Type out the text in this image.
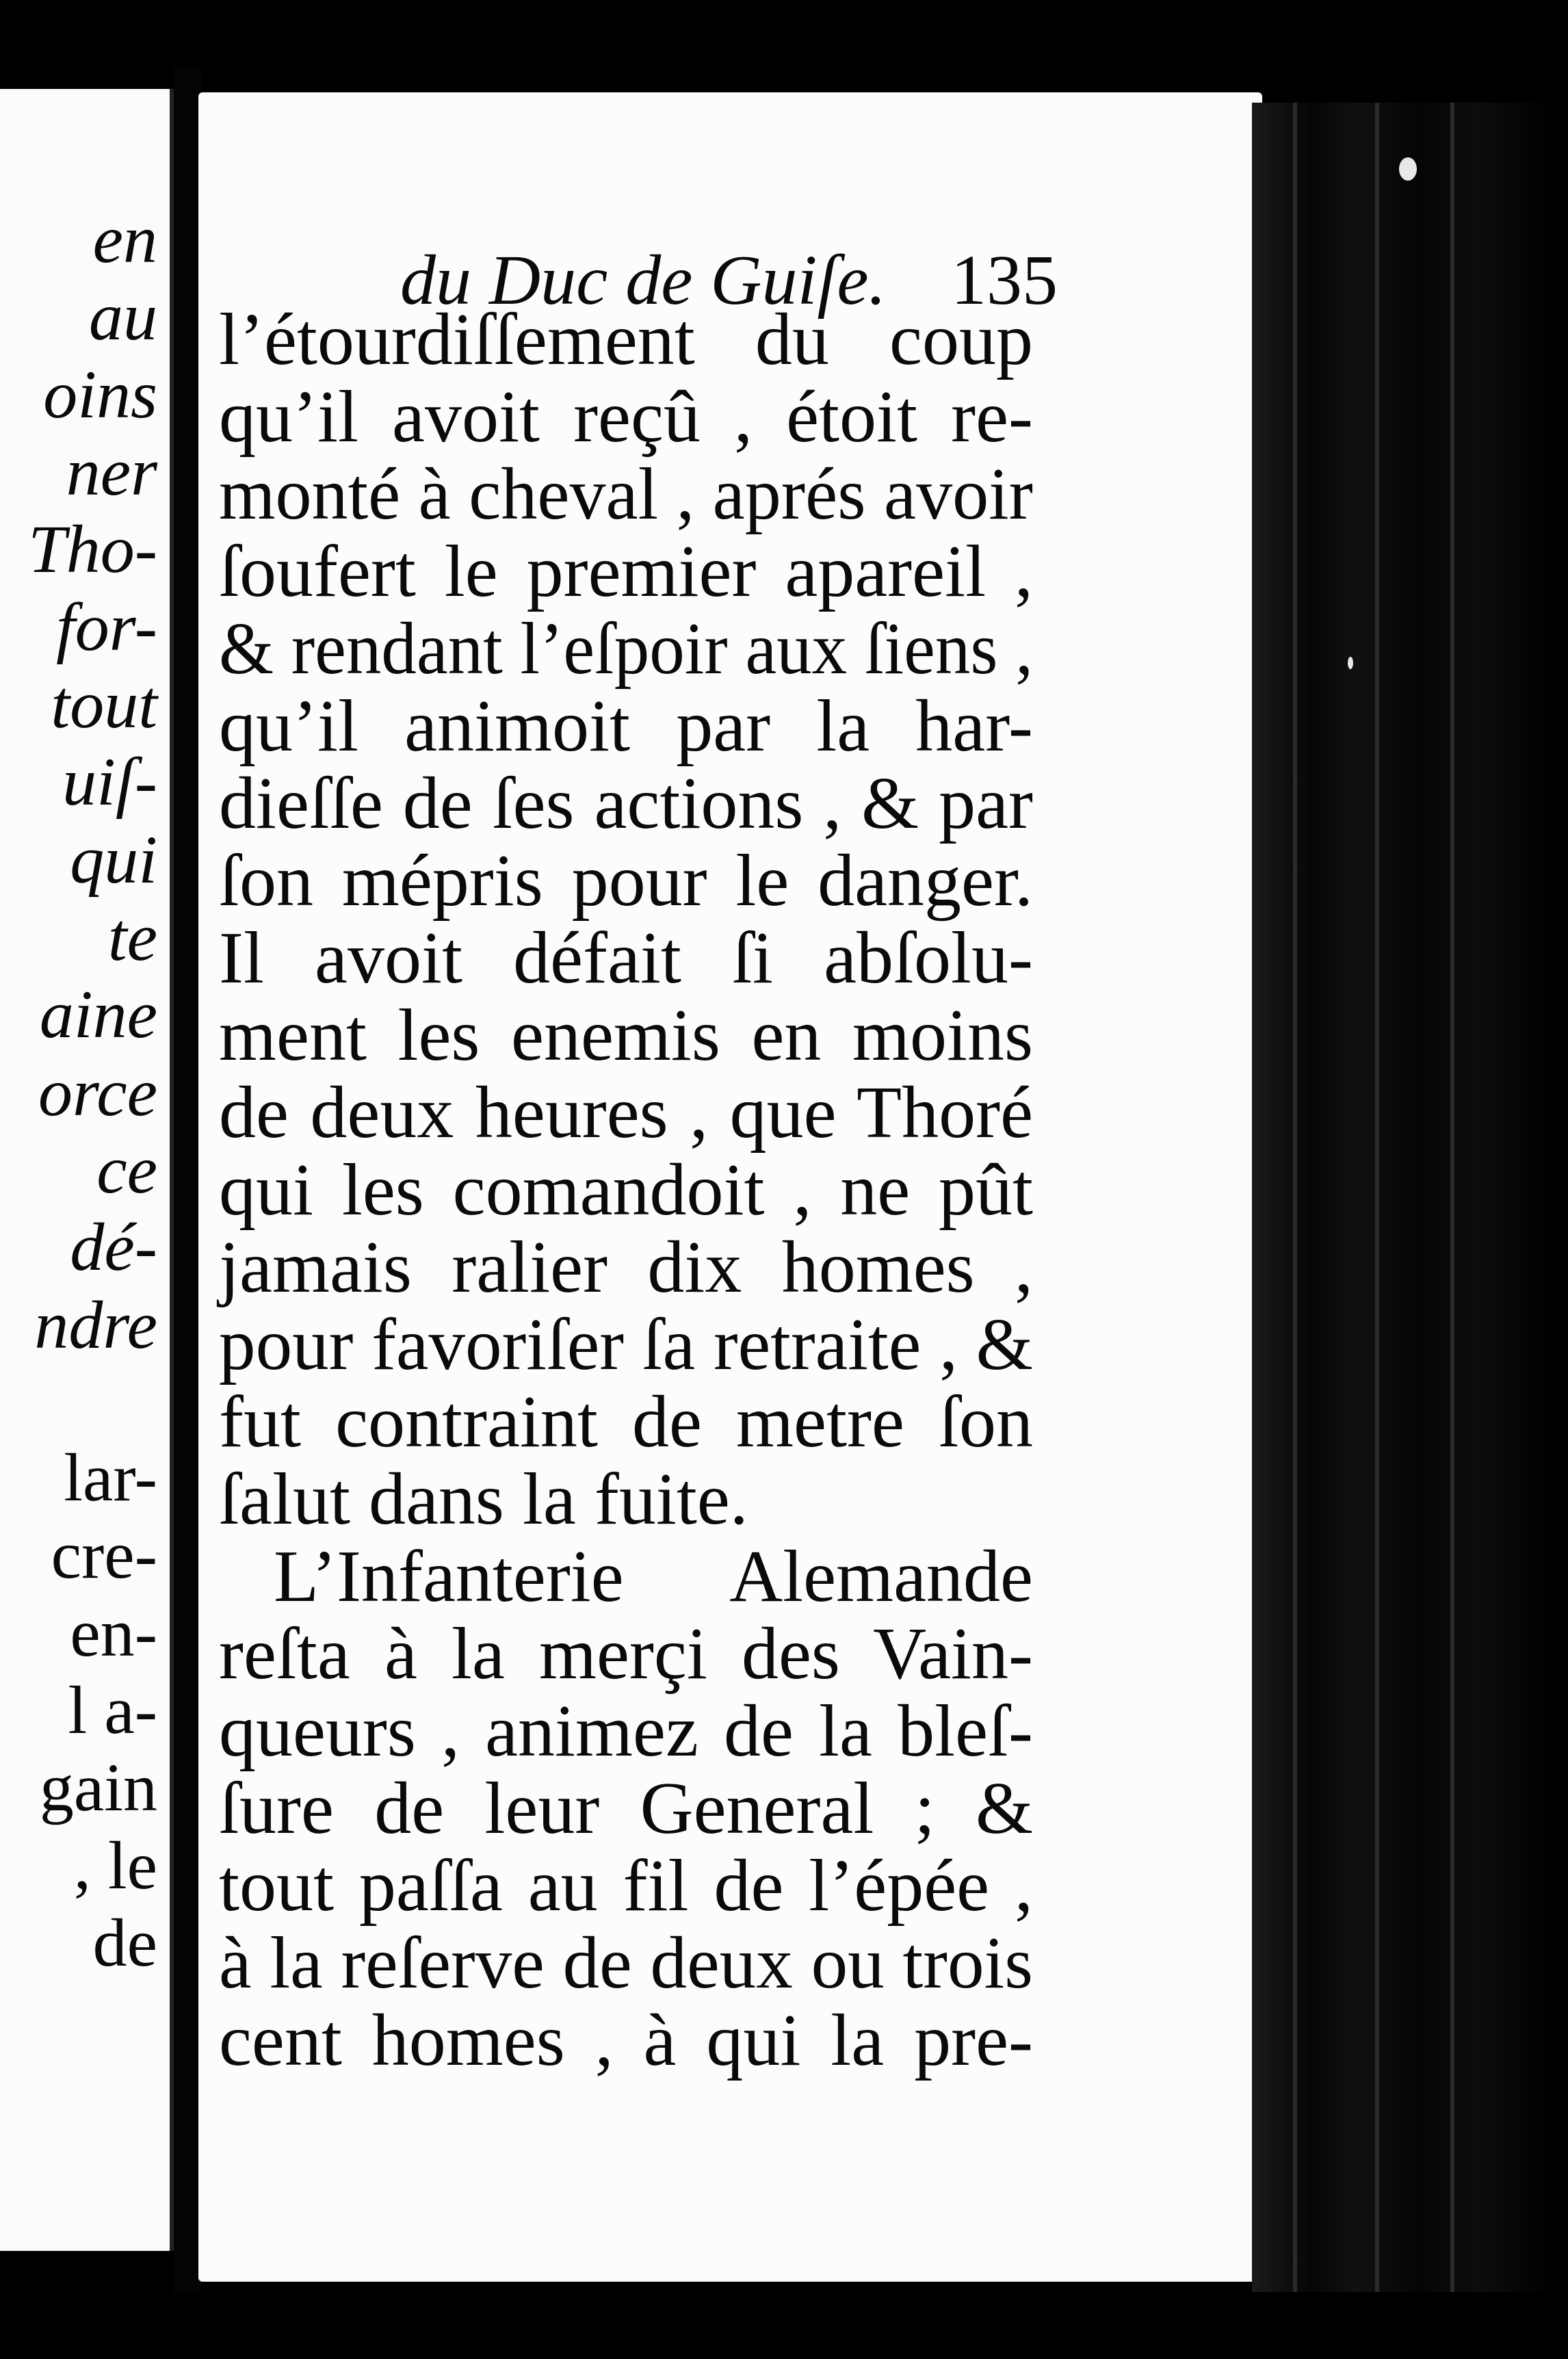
en
au
oins
ner
Tho-
for-
tout
uiſ-
qui
te
aine
orce
ce
dé-
ndre
lar-
cre-
en-
l a-
gain
, le
de
du Duc de Guiſe. 135
l’étourdiſſement du coup
qu’il avoit reçû , étoit re-
monté à cheval , aprés avoir
ſoufert le premier apareil ,
& rendant l’eſpoir aux ſiens ,
qu’il animoit par la har-
dieſſe de ſes actions , & par
ſon mépris pour le danger.
Il avoit défait ſi abſolu-
ment les enemis en moins
de deux heures , que Thoré
qui les comandoit , ne pût
jamais ralier dix homes ,
pour favoriſer ſa retraite , &
fut contraint de metre ſon
ſalut dans la fuite.
L’Infanterie Alemande
reſta à la merçi des Vain-
queurs , animez de la bleſ-
ſure de leur General ; &
tout paſſa au fil de l’épée ,
à la reſerve de deux ou trois
cent homes , à qui la pre-
